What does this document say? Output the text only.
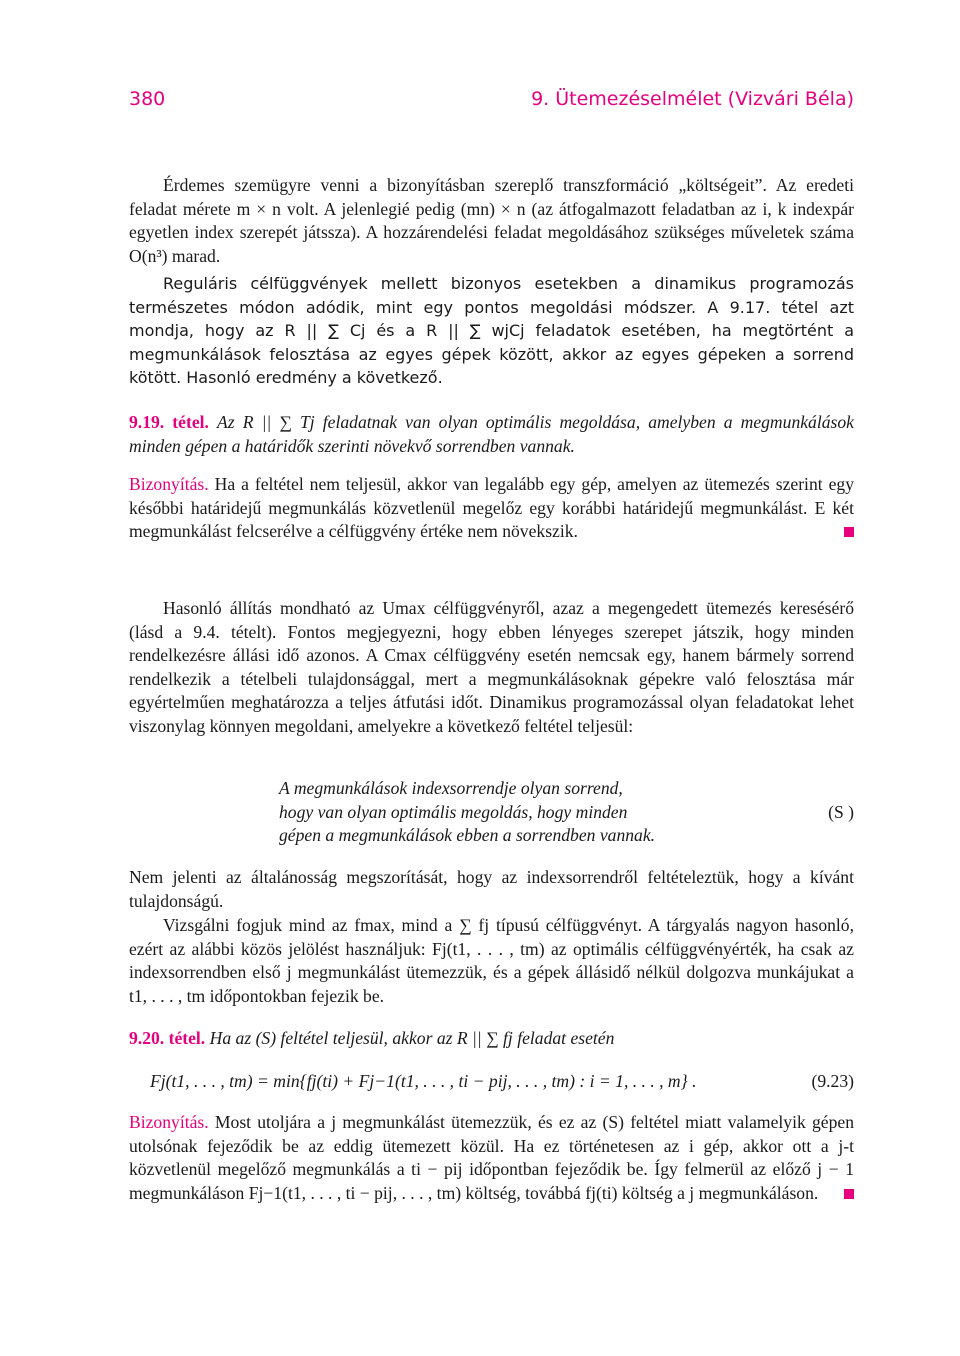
380	9. Ütemezéselmélet (Vizvári Béla)

Érdemes szemügyre venni a bizonyításban szereplő transzformáció „költségeit”. Az eredeti feladat mérete m × n volt. A jelenlegié pedig (mn) × n (az átfogalmazott feladatban az i, k indexpár egyetlen index szerepét játssza). A hozzárendelési feladat megoldásához szükséges műveletek száma O(n³) marad.

Reguláris célfüggvények mellett bizonyos esetekben a dinamikus programozás természetes módon adódik, mint egy pontos megoldási módszer. A 9.17. tétel azt mondja, hogy az R || ∑ Cj és a R || ∑ wjCj feladatok esetében, ha megtörtént a megmunkálások felosztása az egyes gépek között, akkor az egyes gépeken a sorrend kötött. Hasonló eredmény a következő.

9.19. tétel. Az R || ∑ Tj feladatnak van olyan optimális megoldása, amelyben a megmunkálások minden gépen a határidők szerinti növekvő sorrendben vannak.

Bizonyítás. Ha a feltétel nem teljesül, akkor van legalább egy gép, amelyen az ütemezés szerint egy későbbi határidejű megmunkálás közvetlenül megelőz egy korábbi határidejű megmunkálást. E két megmunkálást felcserélve a célfüggvény értéke nem növekszik.

Hasonló állítás mondható az Umax célfüggvényről, azaz a megengedett ütemezés keresésérő (lásd a 9.4. tételt). Fontos megjegyezni, hogy ebben lényeges szerepet játszik, hogy minden rendelkezésre állási idő azonos. A Cmax célfüggvény esetén nemcsak egy, hanem bármely sorrend rendelkezik a tételbeli tulajdonsággal, mert a megmunkálásoknak gépekre való felosztása már egyértelműen meghatározza a teljes átfutási időt. Dinamikus programozással olyan feladatokat lehet viszonylag könnyen megoldani, amelyekre a következő feltétel teljesül:

A megmunkálások indexsorrendje olyan sorrend,
hogy van olyan optimális megoldás, hogy minden
gépen a megmunkálások ebben a sorrendben vannak.
(S )

Nem jelenti az általánosság megszorítását, hogy az indexsorrendről feltételeztük, hogy a kívánt tulajdonságú.

Vizsgálni fogjuk mind az fmax, mind a ∑ fj típusú célfüggvényt. A tárgyalás nagyon hasonló, ezért az alábbi közös jelölést használjuk: Fj(t1, . . . , tm) az optimális célfüggvényérték, ha csak az indexsorrendben első j megmunkálást ütemezzük, és a gépek állásidő nélkül dolgozva munkájukat a t1, . . . , tm időpontokban fejezik be.

9.20. tétel. Ha az (S) feltétel teljesül, akkor az R || ∑ fj feladat esetén

Fj(t1, . . . , tm) = min{fj(ti) + Fj−1(t1, . . . , ti − pij, . . . , tm) : i = 1, . . . , m} .	(9.23)

Bizonyítás. Most utoljára a j megmunkálást ütemezzük, és ez az (S) feltétel miatt valamelyik gépen utolsónak fejeződik be az eddig ütemezett közül. Ha ez történetesen az i gép, akkor ott a j-t közvetlenül megelőző megmunkálás a ti − pij időpontban fejeződik be. Így felmerül az előző j − 1 megmunkáláson Fj−1(t1, . . . , ti − pij, . . . , tm) költség, továbbá fj(ti) költség a j megmunkáláson.
